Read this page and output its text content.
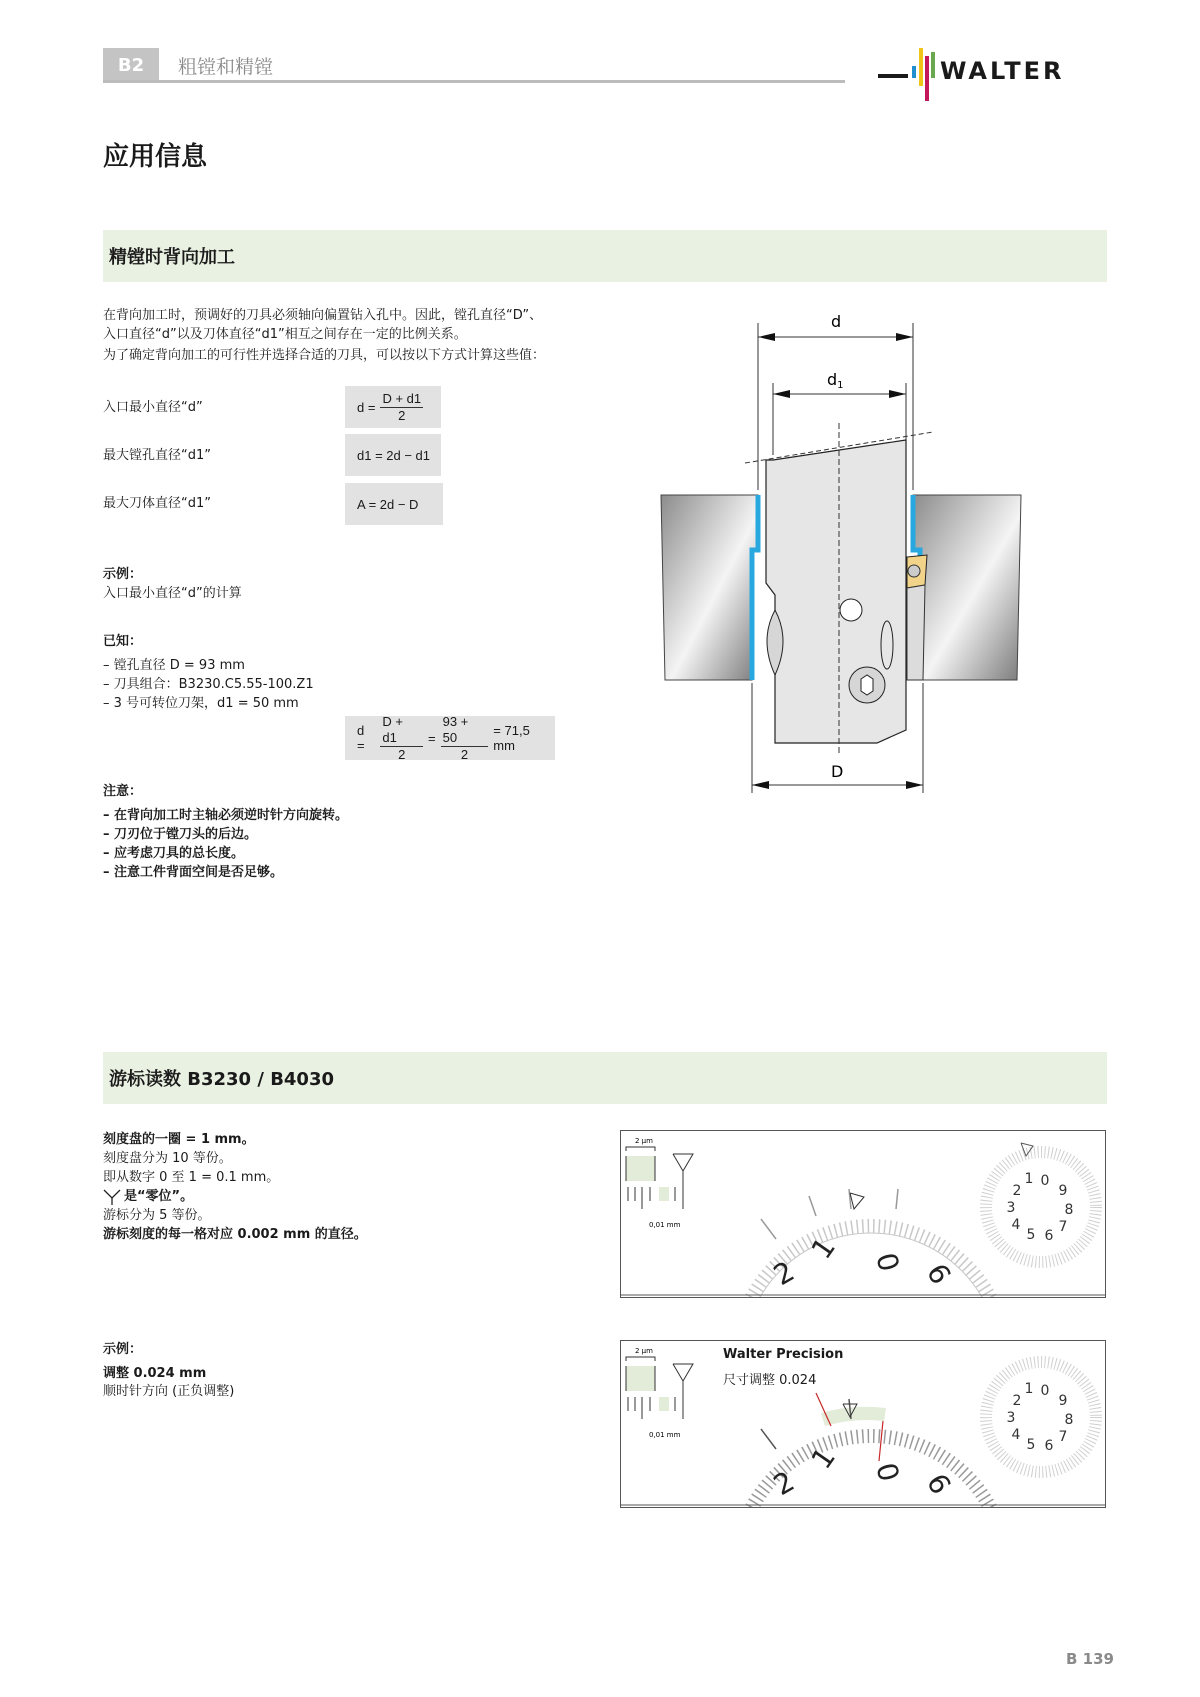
B2	粗镗和精镗	WALTER
应用信息
精镗时背向加工
在背向加工时，预调好的刀具必须轴向偏置钻入孔中。因此，镗孔直径“D”、
入口直径“d”以及刀体直径“d1”相互之间存在一定的比例关系。
为了确定背向加工的可行性并选择合适的刀具，可以按以下方式计算这些值：
入口最小直径“d”	$d = \frac{D + d1}{2}$
最大镗孔直径“d1”	d1 = 2d − d1
最大刀体直径“d1”	A = 2d − D
示例：
入口最小直径“d”的计算
已知：
– 镗孔直径 D = 93 mm
– 刀具组合：B3230.C5.55-100.Z1
– 3 号可转位刀架，d1 = 50 mm
d =	$\frac{D + d1}{2} = \frac{93 + 50}{2} = 71,5$ mm
注意：
– 在背向加工时主轴必须逆时针方向旋转。
– 刀刃位于镗刀头的后边。
– 应考虑刀具的总长度。
– 注意工件背面空间是否足够。
d
d1
D
游标读数 B3230 / B4030
刻度盘的一圈 = 1 mm。
刻度盘分为 10 等份。
即从数字 0 至 1 = 0.1 mm。
是“零位”。
游标分为 5 等份。
游标刻度的每一格对应 0.002 mm 的直径。
示例：
调整 0.024 mm
顺时针方向 (正负调整)
2 µm
0,01 mm
2
1 0 6
0
9
8
7
6
5
4
3
2
1
2 µm
0,01 mm
2
1 0 6
0
9
8
7
6
5
4
3
2
1
Walter Precision
尺寸调整 0.024
B 139
